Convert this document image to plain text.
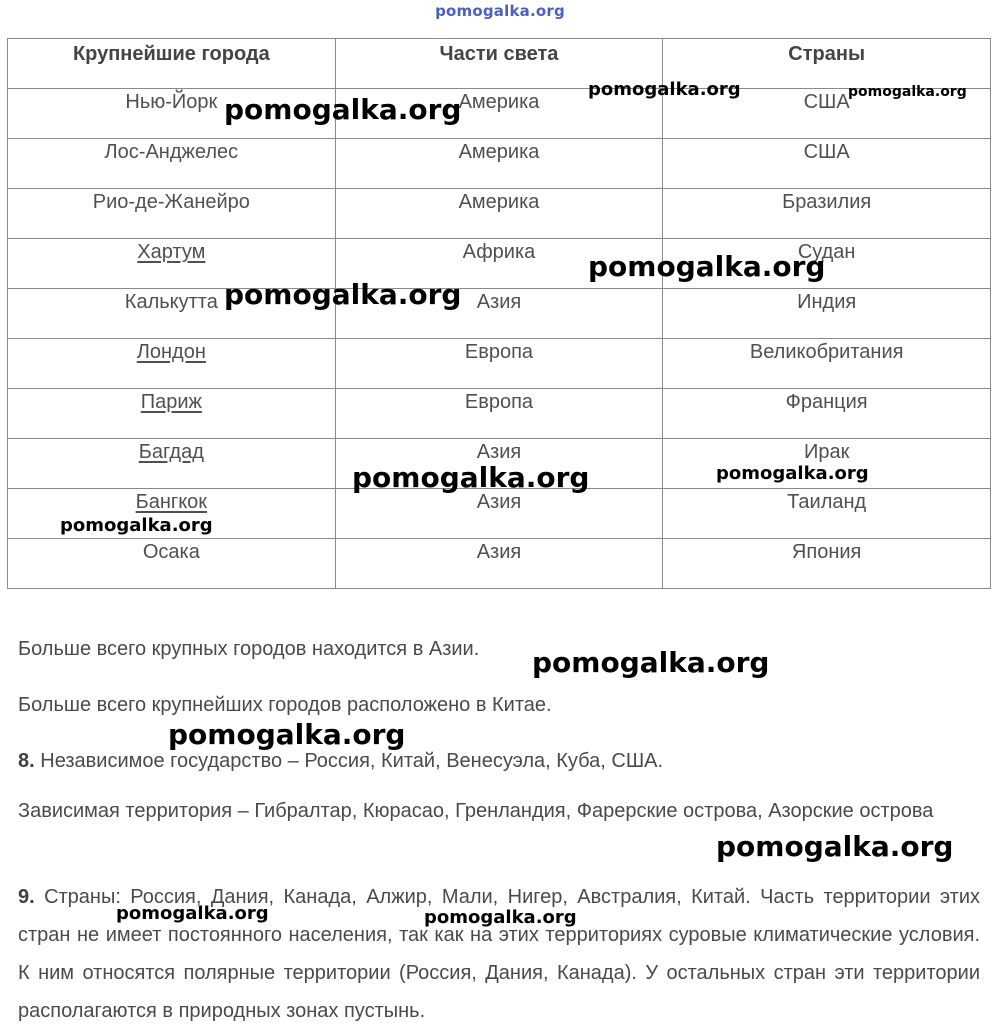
pomogalka.org
Крупнейшие города	Части света	Страны
Нью-Йорк	Америка	США
Лос-Анджелес	Америка	США
Рио-де-Жанейро	Америка	Бразилия
Хартум	Африка	Судан
Калькутта	Азия	Индия
Лондон	Европа	Великобритания
Париж	Европа	Франция
Багдад	Азия	Ирак
Бангкок	Азия	Таиланд
Осака	Азия	Япония

Больше всего крупных городов находится в Азии.

Больше всего крупнейших городов расположено в Китае.

8. Независимое государство – Россия, Китай, Венесуэла, Куба, США.

Зависимая территория – Гибралтар, Кюрасао, Гренландия, Фарерские острова, Азорские острова

9. Страны: Россия, Дания, Канада, Алжир, Мали, Нигер, Австралия, Китай. Часть территории этих стран не имеет постоянного населения, так как на этих территориях суровые климатические условия. К ним относятся полярные территории (Россия, Дания, Канада). У остальных стран эти территории располагаются в природных зонах пустынь.

pomogalka.org
pomogalka.org	pomogalka.org
pomogalka.org
pomogalka.org
pomogalka.org	pomogalka.org
pomogalka.org
pomogalka.org
pomogalka.org
pomogalka.org
pomogalka.org	pomogalka.org
